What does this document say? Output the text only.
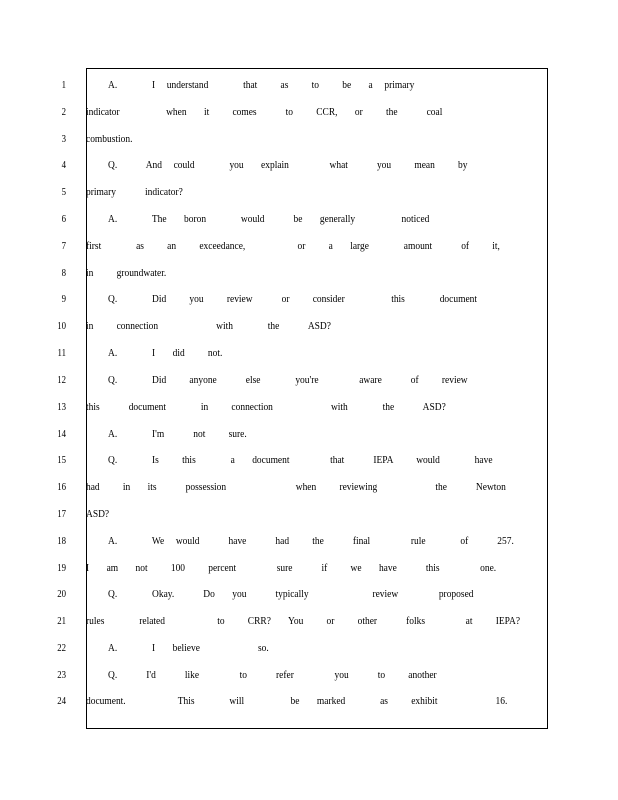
1	A.      I  understand      that    as    to    be   a  primary
2 indicator        when   it    comes     to    CCR,   or    the     coal
3 combustion.
4	Q.     And  could      you   explain       what     you    mean    by
5 primary     indicator?
6	A.      The   boron      would     be   generally        noticed
7 first      as    an    exceedance,         or    a   large      amount     of    it,
8 in    groundwater.
9	Q.      Did    you    review     or    consider        this      document
10 in    connection          with      the     ASD?
11	A.      I   did    not.
12	Q.      Did    anyone     else      you're       aware     of    review
13 this     document      in    connection          with      the     ASD?
14	A.      I'm     not    sure.
15	Q.      Is    this      a   document       that     IEPA    would      have
16 had    in   its     possession            when    reviewing          the     Newton
17 ASD?
18	A.      We  would     have     had    the     final       rule      of     257.
19 I   am   not    100    percent       sure     if    we   have     this       one.
20	Q.      Okay.     Do   you     typically           review       proposed
21 rules      related         to    CRR?   You    or    other     folks       at    IEPA?
22	A.      I   believe          so.
23	Q.     I'd     like       to     refer       you     to    another
24 document.         This      will        be   marked      as    exhibit          16.
